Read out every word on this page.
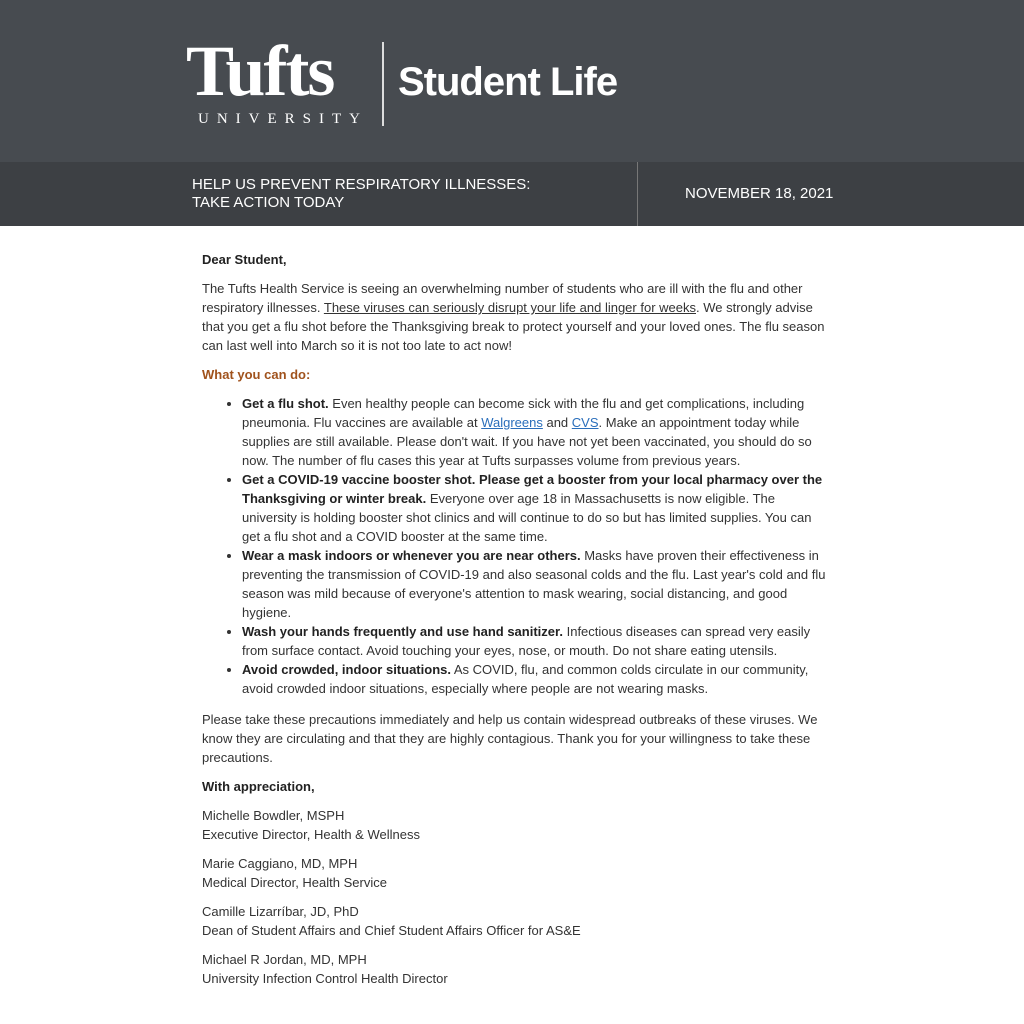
Tufts
UNIVERSITY
Student Life
HELP US PREVENT RESPIRATORY ILLNESSES:
TAKE ACTION TODAY
NOVEMBER 18, 2021

Dear Student,

The Tufts Health Service is seeing an overwhelming number of students who are ill with the flu and other respiratory illnesses. These viruses can seriously disrupt your life and linger for weeks. We strongly advise that you get a flu shot before the Thanksgiving break to protect yourself and your loved ones. The flu season can last well into March so it is not too late to act now!

What you can do:

• Get a flu shot. Even healthy people can become sick with the flu and get complications, including pneumonia. Flu vaccines are available at Walgreens and CVS. Make an appointment today while supplies are still available. Please don't wait. If you have not yet been vaccinated, you should do so now. The number of flu cases this year at Tufts surpasses volume from previous years.
• Get a COVID-19 vaccine booster shot. Please get a booster from your local pharmacy over the Thanksgiving or winter break. Everyone over age 18 in Massachusetts is now eligible. The university is holding booster shot clinics and will continue to do so but has limited supplies. You can get a flu shot and a COVID booster at the same time.
• Wear a mask indoors or whenever you are near others. Masks have proven their effectiveness in preventing the transmission of COVID-19 and also seasonal colds and the flu. Last year's cold and flu season was mild because of everyone's attention to mask wearing, social distancing, and good hygiene.
• Wash your hands frequently and use hand sanitizer. Infectious diseases can spread very easily from surface contact. Avoid touching your eyes, nose, or mouth. Do not share eating utensils.
• Avoid crowded, indoor situations. As COVID, flu, and common colds circulate in our community, avoid crowded indoor situations, especially where people are not wearing masks.

Please take these precautions immediately and help us contain widespread outbreaks of these viruses. We know they are circulating and that they are highly contagious. Thank you for your willingness to take these precautions.

With appreciation,

Michelle Bowdler, MSPH
Executive Director, Health & Wellness

Marie Caggiano, MD, MPH
Medical Director, Health Service

Camille Lizarríbar, JD, PhD
Dean of Student Affairs and Chief Student Affairs Officer for AS&E

Michael R Jordan, MD, MPH
University Infection Control Health Director
